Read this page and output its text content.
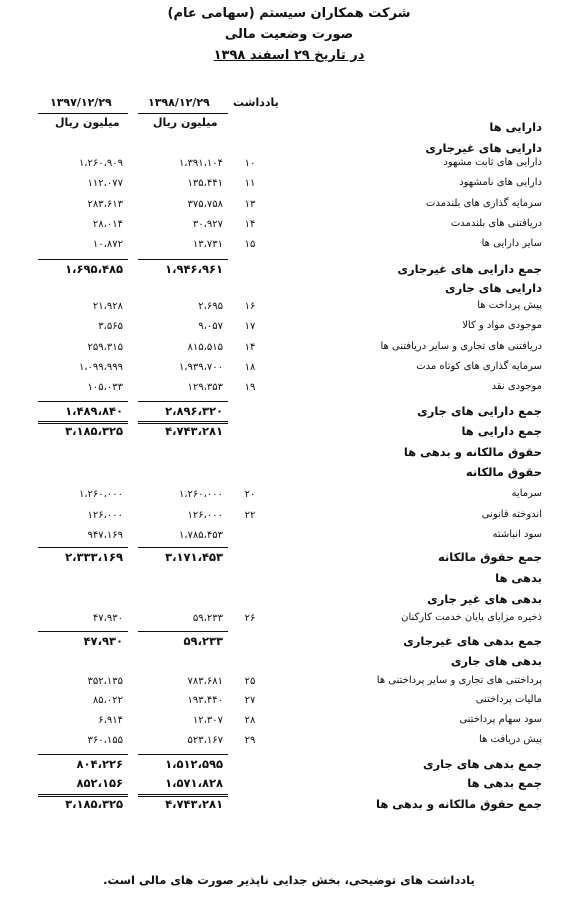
شرکت همکاران سیستم (سهامی عام)
صورت وضعیت مالی
در تاریخ ۲۹ اسفند ۱۳۹۸
یادداشت
۱۳۹۸/۱۲/۲۹
۱۳۹۷/۱۲/۲۹
میلیون ریال
میلیون ریال	دارایی ها
دارایی های غیرجاری
دارایی های ثابت مشهود
۱۰
۱،۳۹۱،۱۰۴
۱،۲۶۰،۹۰۹
دارایی های نامشهود
۱۱
۱۳۵،۴۴۱
۱۱۲،۰۷۷
سرمایه گذاری های بلندمدت
۱۳
۳۷۵،۷۵۸
۲۸۳،۶۱۳
دریافتنی های بلندمدت
۱۴
۳۰،۹۲۷
۲۸،۰۱۴
سایر دارایی ها
۱۵
۱۳،۷۳۱
۱۰،۸۷۲
جمع دارایی های غیرجاری
۱،۹۴۶،۹۶۱
۱،۶۹۵،۴۸۵
دارایی های جاری
پیش پرداخت ها
۱۶
۲،۶۹۵
۲۱،۹۲۸
موجودی مواد و کالا
۱۷
۹،۰۵۷
۳،۵۶۵
دریافتنی های تجاری و سایر دریافتنی ها
۱۴
۸۱۵،۵۱۵
۲۵۹،۳۱۵
سرمایه گذاری های کوتاه مدت
۱۸
۱،۹۳۹،۷۰۰
۱،۰۹۹،۹۹۹
موجودی نقد
۱۹
۱۲۹،۳۵۳
۱۰۵،۰۳۳
جمع دارایی های جاری
۲،۸۹۶،۳۲۰
۱،۴۸۹،۸۴۰
جمع دارایی ها
۴،۷۴۳،۲۸۱
۳،۱۸۵،۳۲۵
حقوق مالکانه و بدهی ها
حقوق مالکانه
سرمایه
۲۰
۱،۲۶۰،۰۰۰
۱،۲۶۰،۰۰۰
اندوخته قانونی
۲۲
۱۲۶،۰۰۰
۱۲۶،۰۰۰
سود انباشته
۱،۷۸۵،۴۵۳
۹۴۷،۱۶۹
جمع حقوق مالکانه
۳،۱۷۱،۴۵۳
۲،۳۳۳،۱۶۹
بدهی ها
بدهی های غیر جاری
ذخیره مزایای پایان خدمت کارکنان
۲۶
۵۹،۲۳۳
۴۷،۹۳۰
جمع بدهی های غیرجاری
۵۹،۲۳۳
۴۷،۹۳۰
بدهی های جاری
پرداختنی های تجاری و سایر پرداختنی ها
۲۵
۷۸۳،۶۸۱
۳۵۲،۱۳۵
مالیات پرداختنی
۲۷
۱۹۳،۴۴۰
۸۵،۰۲۲
سود سهام پرداختنی
۲۸
۱۲،۳۰۷
۶،۹۱۴
پیش دریافت ها
۲۹
۵۲۳،۱۶۷
۳۶۰،۱۵۵
جمع بدهی های جاری
۱،۵۱۲،۵۹۵
۸۰۴،۲۲۶
جمع بدهی ها
۱،۵۷۱،۸۲۸
۸۵۲،۱۵۶
جمع حقوق مالکانه و بدهی ها
۴،۷۴۳،۲۸۱
۳،۱۸۵،۳۲۵
یادداشت های توضیحی، بخش جدایی ناپذیر صورت های مالی است.
